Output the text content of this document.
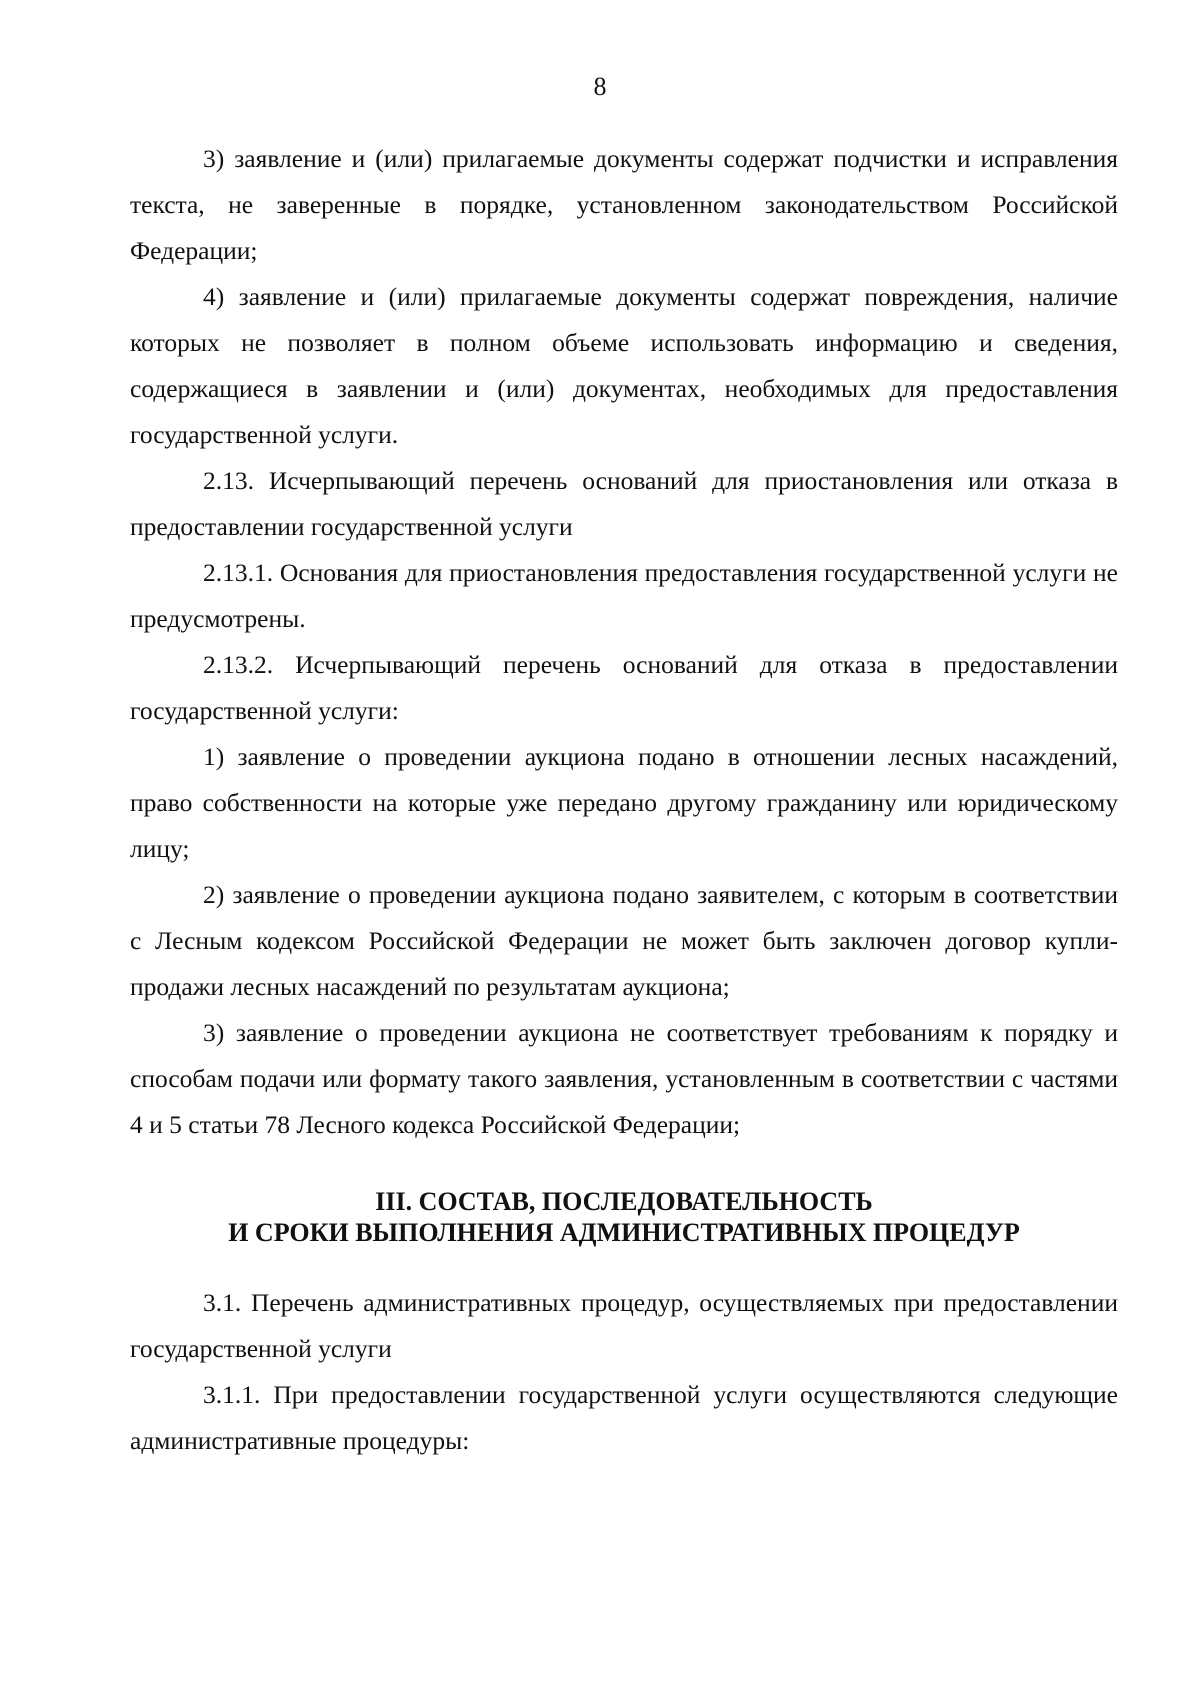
8

3) заявление и (или) прилагаемые документы содержат подчистки и исправления текста, не заверенные в порядке, установленном законодательством Российской Федерации;

4) заявление и (или) прилагаемые документы содержат повреждения, наличие которых не позволяет в полном объеме использовать информацию и сведения, содержащиеся в заявлении и (или) документах, необходимых для предоставления государственной услуги.

2.13. Исчерпывающий перечень оснований для приостановления или отказа в предоставлении государственной услуги

2.13.1. Основания для приостановления предоставления государственной услуги не предусмотрены.

2.13.2. Исчерпывающий перечень оснований для отказа в предоставлении государственной услуги:

1) заявление о проведении аукциона подано в отношении лесных насаждений, право собственности на которые уже передано другому гражданину или юридическому лицу;

2) заявление о проведении аукциона подано заявителем, с которым в соответствии с Лесным кодексом Российской Федерации не может быть заключен договор купли-продажи лесных насаждений по результатам аукциона;

3) заявление о проведении аукциона не соответствует требованиям к порядку и способам подачи или формату такого заявления, установленным в соответствии с частями 4 и 5 статьи 78 Лесного кодекса Российской Федерации;

III. СОСТАВ, ПОСЛЕДОВАТЕЛЬНОСТЬ
И СРОКИ ВЫПОЛНЕНИЯ АДМИНИСТРАТИВНЫХ ПРОЦЕДУР

3.1. Перечень административных процедур, осуществляемых при предоставлении государственной услуги

3.1.1. При предоставлении государственной услуги осуществляются следующие административные процедуры:
